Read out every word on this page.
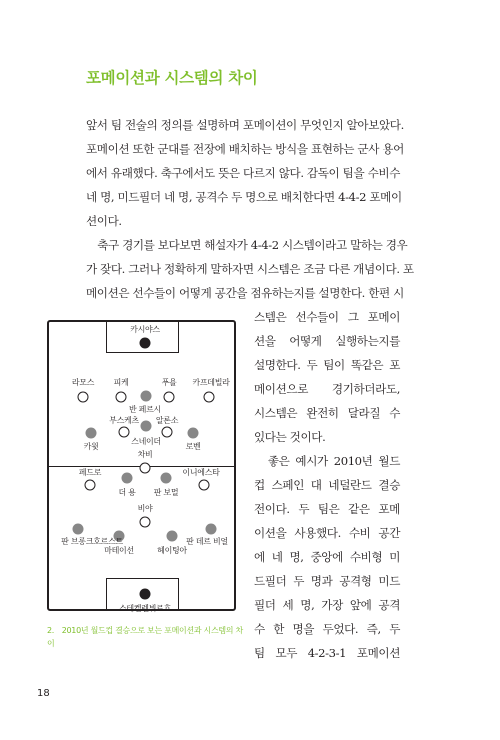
포메이션과 시스템의 차이

앞서 팀 전술의 정의를 설명하며 포메이션이 무엇인지 알아보았다.

포메이션 또한 군대를 전장에 배치하는 방식을 표현하는 군사 용어

에서 유래했다. 축구에서도 뜻은 다르지 않다. 감독이 팀을 수비수

네 명, 미드필더 네 명, 공격수 두 명으로 배치한다면 4-4-2 포메이

션이다.

　축구 경기를 보다보면 해설자가 4-4-2 시스템이라고 말하는 경우

가 잦다. 그러나 정확하게 말하자면 시스템은 조금 다른 개념이다. 포

메이션은 선수들이 어떻게 공간을 점유하는지를 설명한다. 한편 시

스템은 선수들이 그 포메이

션을 어떻게 실행하는지를

설명한다. 두 팀이 똑같은 포

메이션으로 경기하더라도,

시스템은 완전히 달라질 수

있다는 것이다.

　좋은 예시가 2010년 월드

컵 스페인 대 네덜란드 결승

전이다. 두 팀은 같은 포메

이션을 사용했다. 수비 공간

에 네 명, 중앙에 수비형 미

드필더 두 명과 공격형 미드

필더 세 명, 가장 앞에 공격

수 한 명을 두었다. 즉, 두

팀 모두 4-2-3-1 포메이션

카시야스
라모스 피케	푸욜 카프데빌라
반 페르시
부스케츠 알론소
카윗
스네이더
로벤
차비
페드로	이니에스타
더 용 판 보멀
비야
판 브롱크호르스트
마테이선	헤이팅아
판 데르 비얼
스테켈렌뷔르흐

2.　2010년 월드컵 결승으로 보는 포메이션과 시스템의 차이

18
